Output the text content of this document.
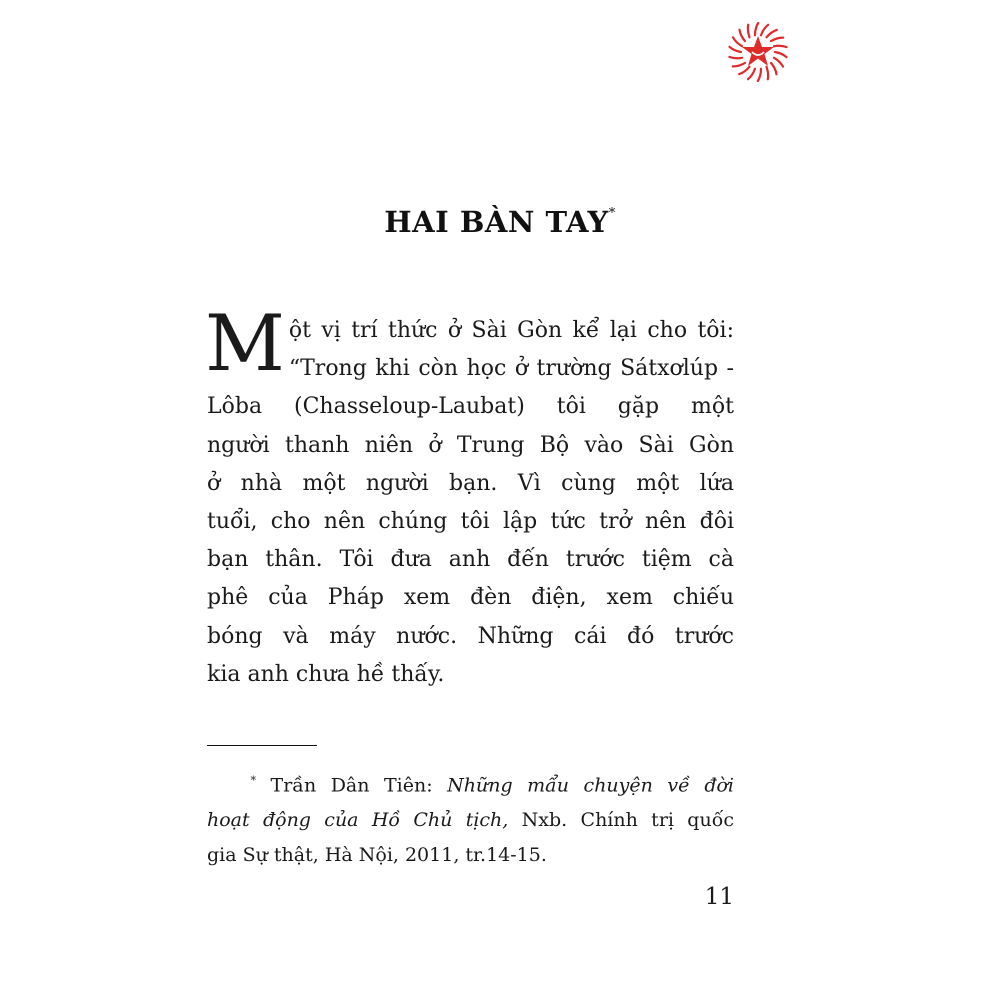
HAI BÀN TAY*
M ột vị trí thức ở Sài Gòn kể lại cho tôi:
“Trong khi còn học ở trường Sátxơlúp -
Lôba (Chasseloup-Laubat) tôi gặp một
người thanh niên ở Trung Bộ vào Sài Gòn
ở nhà một người bạn. Vì cùng một lứa
tuổi, cho nên chúng tôi lập tức trở nên đôi
bạn thân. Tôi đưa anh đến trước tiệm cà
phê của Pháp xem đèn điện, xem chiếu
bóng và máy nước. Những cái đó trước
kia anh chưa hề thấy.
* Trần Dân Tiên: Những mẩu chuyện về đời
hoạt động của Hồ Chủ tịch, Nxb. Chính trị quốc
gia Sự thật, Hà Nội, 2011, tr.14-15.
11
